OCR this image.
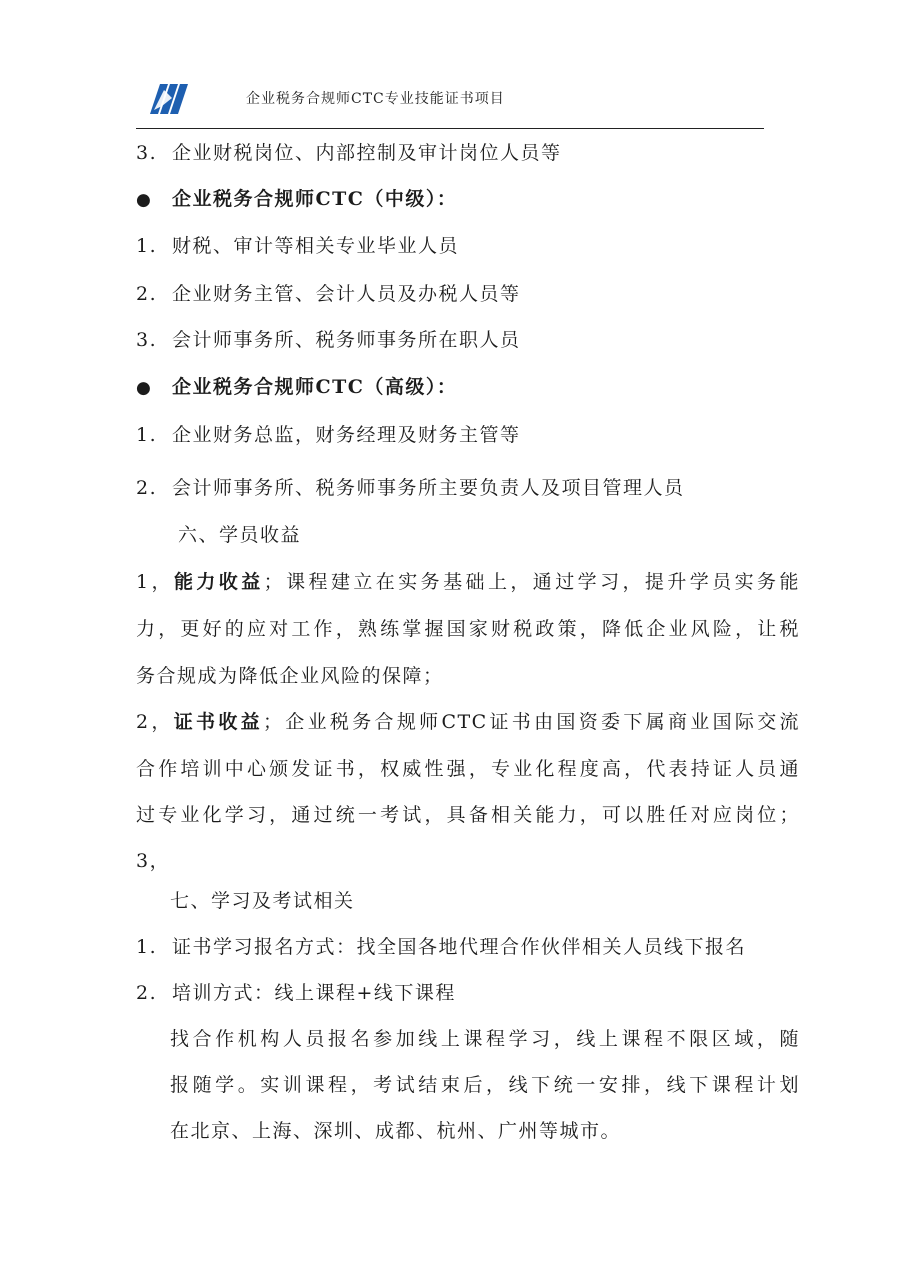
企业税务合规师CTC专业技能证书项目
3. 企业财税岗位、内部控制及审计岗位人员等
● 企业税务合规师CTC（中级）：
1. 财税、审计等相关专业毕业人员
2. 企业财务主管、会计人员及办税人员等
3. 会计师事务所、税务师事务所在职人员
● 企业税务合规师CTC（高级）：
1. 企业财务总监，财务经理及财务主管等
2. 会计师事务所、税务师事务所主要负责人及项目管理人员
六、学员收益
1，能力收益；课程建立在实务基础上，通过学习，提升学员实务能
力，更好的应对工作，熟练掌握国家财税政策，降低企业风险，让税
务合规成为降低企业风险的保障；
2，证书收益；企业税务合规师CTC证书由国资委下属商业国际交流
合作培训中心颁发证书，权威性强，专业化程度高，代表持证人员通
过专业化学习，通过统一考试，具备相关能力，可以胜任对应岗位；
3，
七、学习及考试相关
1. 证书学习报名方式：找全国各地代理合作伙伴相关人员线下报名
2. 培训方式：线上课程+线下课程
找合作机构人员报名参加线上课程学习，线上课程不限区域，随
报随学。实训课程，考试结束后，线下统一安排，线下课程计划
在北京、上海、深圳、成都、杭州、广州等城市。
